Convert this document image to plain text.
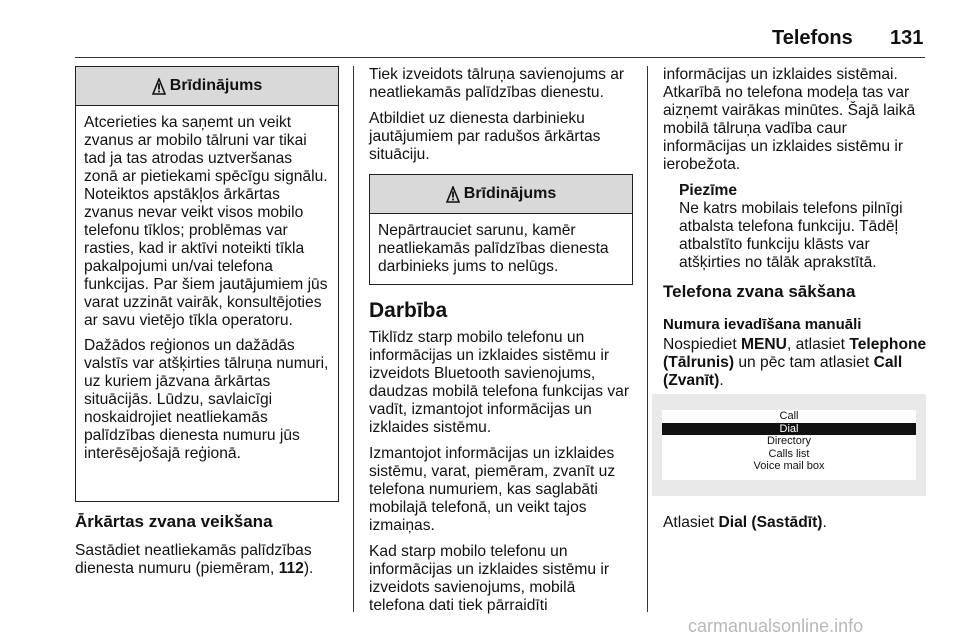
Telefons 131
Brīdinājums

Atcerieties ka saņemt un veikt zvanus ar mobilo tālruni var tikai tad ja tas atrodas uztveršanas zonā ar pietiekami spēcīgu signālu. Noteiktos apstākļos ārkārtas zvanus nevar veikt visos mobilo telefonu tīklos; problēmas var rasties, kad ir aktīvi noteikti tīkla pakalpojumi un/vai telefona funkcijas. Par šiem jautājumiem jūs varat uzzināt vairāk, konsultējoties ar savu vietējo tīkla operatoru.

Dažādos reģionos un dažādās valstīs var atšķirties tālruņa numuri, uz kuriem jāzvana ārkārtas situācijās. Lūdzu, savlaicīgi noskaidrojiet neatliekamās palīdzības dienesta numuru jūs interēsējošajā reģionā.

Ārkārtas zvana veikšana

Sastādiet neatliekamās palīdzības dienesta numuru (piemēram, 112).

Tiek izveidots tālruņa savienojums ar neatliekamās palīdzības dienestu.

Atbildiet uz dienesta darbinieku jautājumiem par radušos ārkārtas situāciju.

Brīdinājums

Nepārtrauciet sarunu, kamēr neatliekamās palīdzības dienesta darbinieks jums to nelūgs.

Darbība

Tiklīdz starp mobilo telefonu un informācijas un izklaides sistēmu ir izveidots Bluetooth savienojums, daudzas mobilā telefona funkcijas var vadīt, izmantojot informācijas un izklaides sistēmu.

Izmantojot informācijas un izklaides sistēmu, varat, piemēram, zvanīt uz telefona numuriem, kas saglabāti mobilajā telefonā, un veikt tajos izmaiņas.

Kad starp mobilo telefonu un informācijas un izklaides sistēmu ir izveidots savienojums, mobilā telefona dati tiek pārraidīti

informācijas un izklaides sistēmai. Atkarībā no telefona modeļa tas var aizņemt vairākas minūtes. Šajā laikā mobilā tālruņa vadība caur informācijas un izklaides sistēmu ir ierobežota.

Piezīme
Ne katrs mobilais telefons pilnīgi atbalsta telefona funkciju. Tādēļ atbalstīto funkciju klāsts var atšķirties no tālāk aprakstītā.
Telefona zvana sākšana
Numura ievadīšana manuāli

Nospiediet MENU, atlasiet Telephone (Tālrunis) un pēc tam atlasiet Call (Zvanīt).

Call
Dial
Directory
Calls list
Voice mail box
Atlasiet Dial (Sastādīt).
carmanualsonline.info
